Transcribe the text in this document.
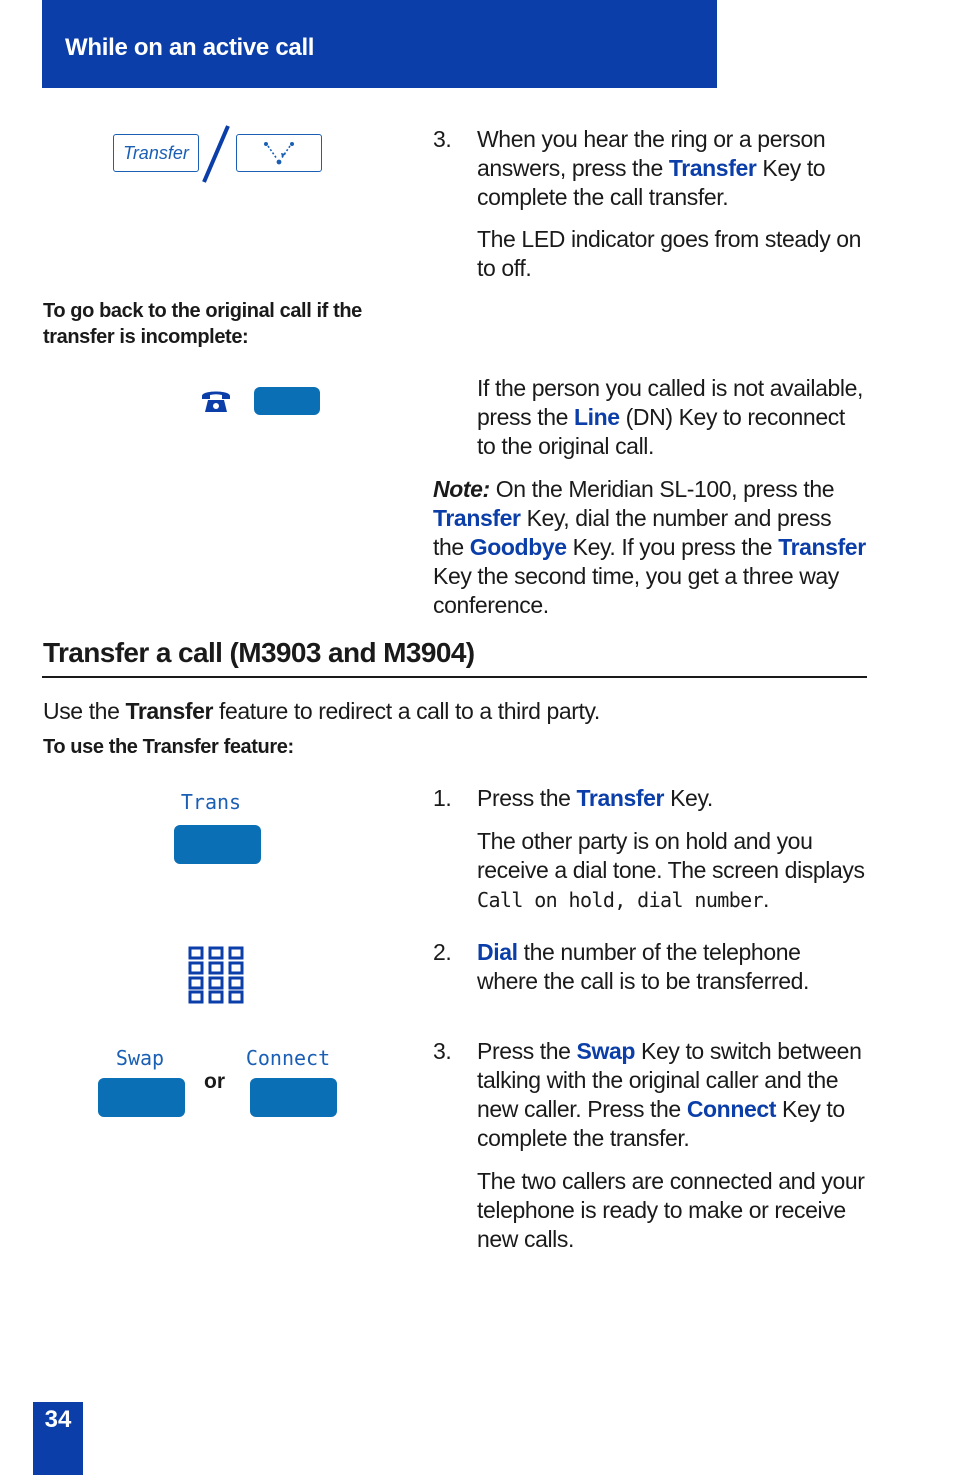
While on an active call
Transfer
3.	When you hear the ring or a person answers, press the Transfer Key to complete the call transfer.
The LED indicator goes from steady on to off.
To go back to the original call if the transfer is incomplete:
If the person you called is not available, press the Line (DN) Key to reconnect to the original call.
Note: On the Meridian SL-100, press the Transfer Key, dial the number and press the Goodbye Key. If you press the Transfer Key the second time, you get a three way conference.
Transfer a call (M3903 and M3904)
Use the Transfer feature to redirect a call to a third party.
To use the Transfer feature:
Trans	1.	Press the Transfer Key.
The other party is on hold and you receive a dial tone. The screen displays Call on hold, dial number.
2.	Dial the number of the telephone where the call is to be transferred.
Swap	Connect
or
3.	Press the Swap Key to switch between talking with the original caller and the new caller. Press the Connect Key to complete the transfer.
The two callers are connected and your telephone is ready to make or receive new calls.
34
